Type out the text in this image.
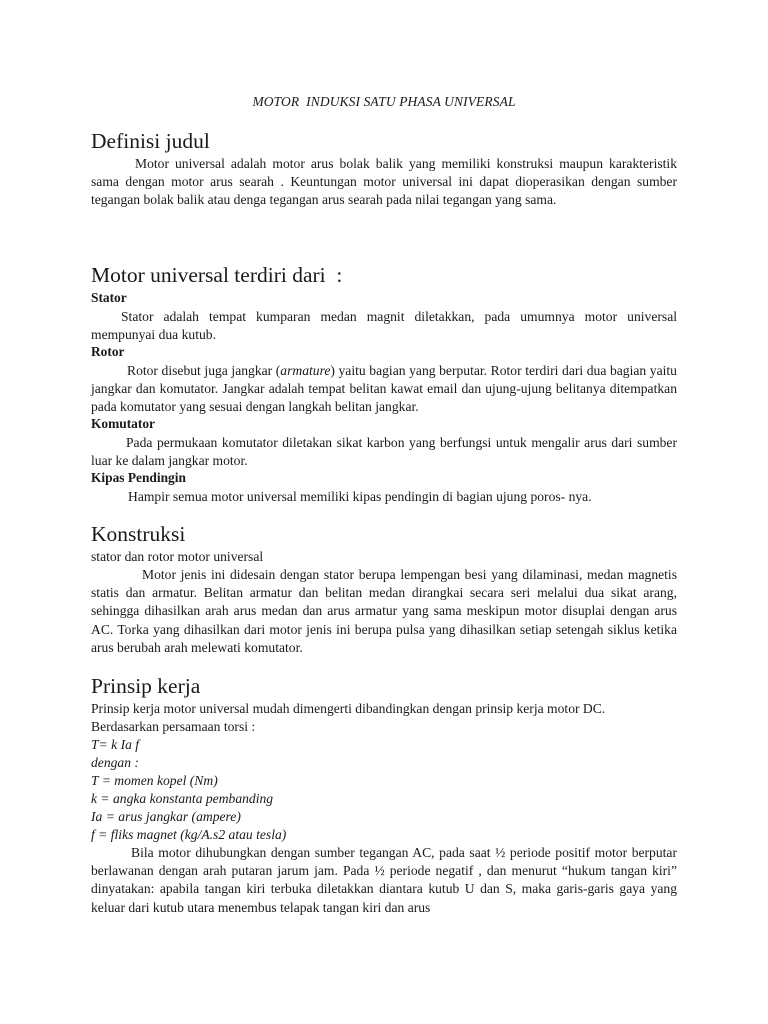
MOTOR  INDUKSI SATU PHASA UNIVERSAL
Definisi judul

Motor universal adalah motor arus bolak balik yang memiliki konstruksi maupun karakteristik sama dengan motor arus searah . Keuntungan motor universal ini dapat dioperasikan dengan sumber tegangan bolak balik atau denga tegangan arus searah pada nilai tegangan yang sama.

Motor universal terdiri dari  :
Stator

Stator adalah tempat kumparan medan magnit diletakkan, pada umumnya motor universal mempunyai dua kutub.

Rotor

Rotor disebut juga jangkar (armature) yaitu bagian yang berputar. Rotor terdiri dari dua bagian yaitu jangkar dan komutator. Jangkar adalah tempat belitan kawat email dan ujung-ujung belitanya ditempatkan pada komutator yang sesuai dengan langkah belitan jangkar.

Komutator

Pada permukaan komutator diletakan sikat karbon yang berfungsi untuk mengalir arus dari sumber luar ke dalam jangkar motor.

Kipas Pendingin

Hampir semua motor universal memiliki kipas pendingin di bagian ujung poros- nya.

Konstruksi
stator dan rotor motor universal

Motor jenis ini didesain dengan stator berupa lempengan besi yang dilaminasi, medan magnetis statis dan armatur. Belitan armatur dan belitan medan dirangkai secara seri melalui dua sikat arang, sehingga dihasilkan arah arus medan dan arus armatur yang sama meskipun motor disuplai dengan arus AC. Torka yang dihasilkan dari motor jenis ini berupa pulsa yang dihasilkan setiap setengah siklus ketika arus berubah arah melewati komutator.

Prinsip kerja
Prinsip kerja motor universal mudah dimengerti dibandingkan dengan prinsip kerja motor DC.
Berdasarkan persamaan torsi :
T= k Ia f
dengan :
T = momen kopel (Nm)
k = angka konstanta pembanding
Ia = arus jangkar (ampere)
f = fliks magnet (kg/A.s2 atau tesla)

Bila motor dihubungkan dengan sumber tegangan AC, pada saat ½ periode positif motor berputar berlawanan dengan arah putaran jarum jam. Pada ½ periode negatif , dan menurut “hukum tangan kiri” dinyatakan: apabila tangan kiri terbuka diletakkan diantara kutub U dan S, maka garis-garis gaya yang keluar dari kutub utara menembus telapak tangan kiri dan arus
